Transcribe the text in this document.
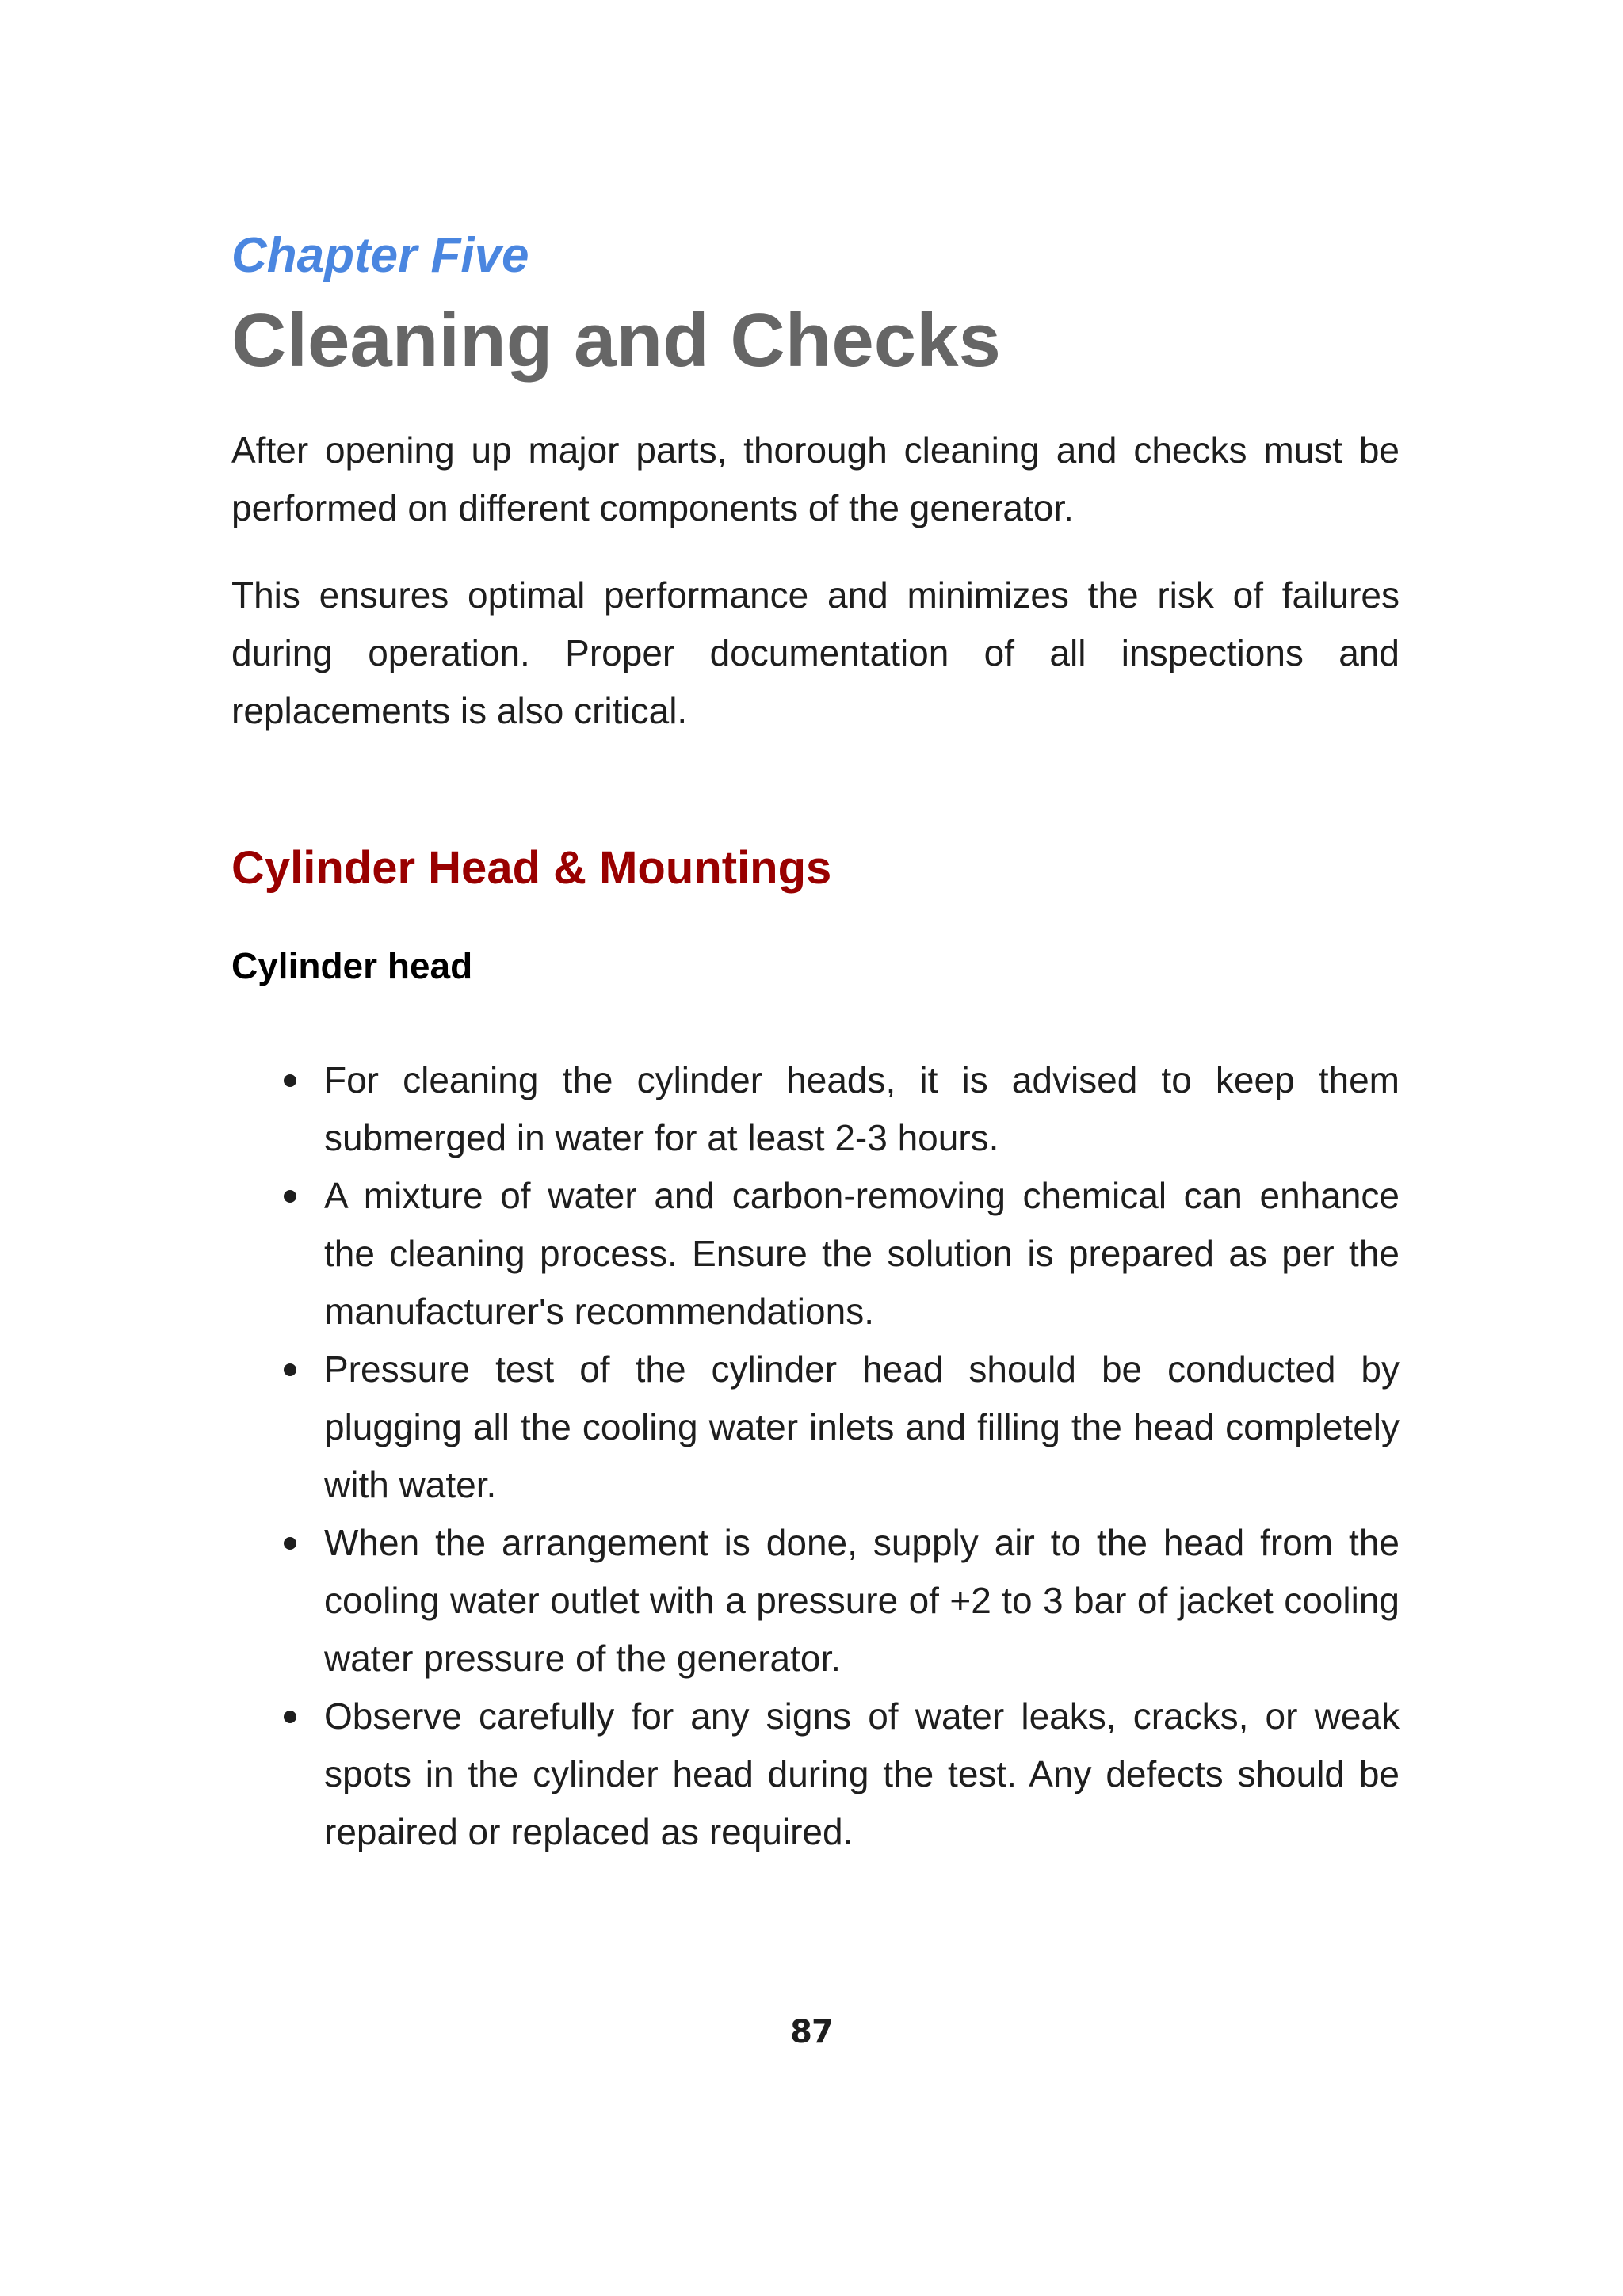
Chapter Five
Cleaning and Checks

After opening up major parts, thorough cleaning and checks must be performed on different components of the generator.

This ensures optimal performance and minimizes the risk of failures during operation. Proper documentation of all inspections and replacements is also critical.

Cylinder Head & Mountings
Cylinder head
For cleaning the cylinder heads, it is advised to keep them submerged in water for at least 2-3 hours.
A mixture of water and carbon-removing chemical can enhance the cleaning process. Ensure the solution is prepared as per the manufacturer's recommendations.
Pressure test of the cylinder head should be conducted by plugging all the cooling water inlets and filling the head completely with water.
When the arrangement is done, supply air to the head from the cooling water outlet with a pressure of +2 to 3 bar of jacket cooling water pressure of the generator.
Observe carefully for any signs of water leaks, cracks, or weak spots in the cylinder head during the test. Any defects should be repaired or replaced as required.
87
